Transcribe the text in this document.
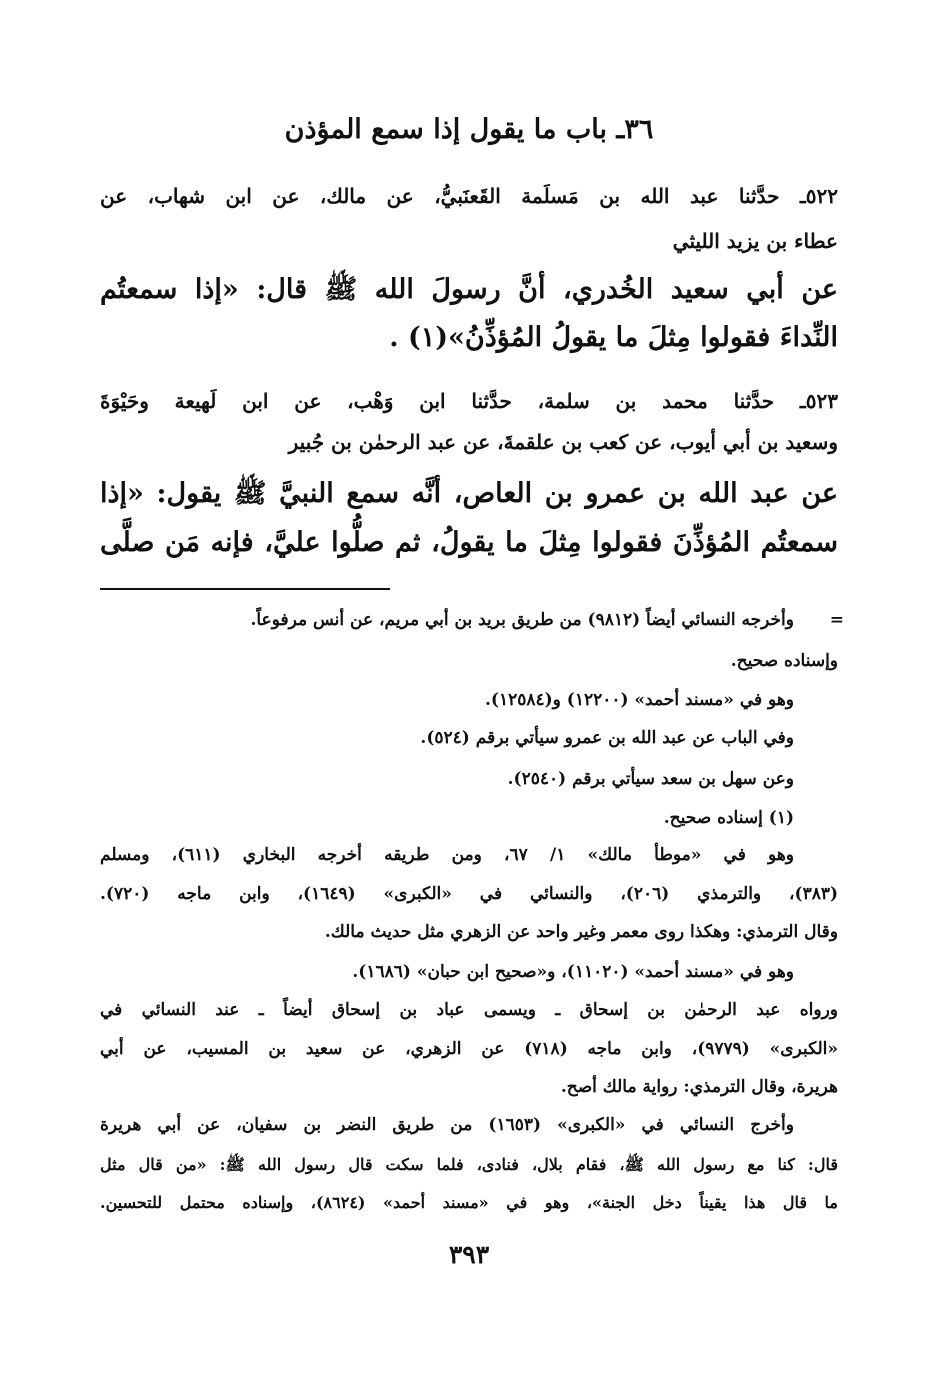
٣٦ـ باب ما يقول إذا سمع المؤذن
٥٢٢ـ حدَّثنا عبد الله بن مَسلَمة القَعنَبيُّ، عن مالك، عن ابن شهاب، عن
عطاء بن يزيد الليثي
عن أبي سعيد الخُدري، أنَّ رسولَ الله ﷺ قال: «إذا سمعتُم
النِّداءَ فقولوا مِثلَ ما يقولُ المُؤذِّنُ»(١) .
٥٢٣ـ حدَّثنا محمد بن سلمة، حدَّثنا ابن وَهْب، عن ابن لَهيعة وحَيْوَةَ
وسعيد بن أبي أيوب، عن كعب بن علقمةَ، عن عبد الرحمٰن بن جُبير
عن عبد الله بن عمرو بن العاص، أنَّه سمع النبيَّ ﷺ يقول: «إذا
سمعتُم المُؤذِّنَ فقولوا مِثلَ ما يقولُ، ثم صلُّوا عليَّ، فإنه مَن صلَّى
=
وأخرجه النسائي أيضاً (٩٨١٢) من طريق بريد بن أبي مريم، عن أنس مرفوعاً.
وإسناده صحيح.
وهو في «مسند أحمد» (١٢٢٠٠) و(١٢٥٨٤).
وفي الباب عن عبد الله بن عمرو سيأتي برقم (٥٢٤).
وعن سهل بن سعد سيأتي برقم (٢٥٤٠).
(١) إسناده صحيح.
وهو في «موطأ مالك» ١/ ٦٧، ومن طريقه أخرجه البخاري (٦١١)، ومسلم
(٣٨٣)، والترمذي (٢٠٦)، والنسائي في «الكبرى» (١٦٤٩)، وابن ماجه (٧٢٠).
وقال الترمذي: وهكذا روى معمر وغير واحد عن الزهري مثل حديث مالك.
وهو في «مسند أحمد» (١١٠٢٠)، و«صحيح ابن حبان» (١٦٨٦).
ورواه عبد الرحمٰن بن إسحاق ـ ويسمى عباد بن إسحاق أيضاً ـ عند النسائي في
«الكبرى» (٩٧٧٩)، وابن ماجه (٧١٨) عن الزهري، عن سعيد بن المسيب، عن أبي
هريرة، وقال الترمذي: رواية مالك أصح.
وأخرج النسائي في «الكبرى» (١٦٥٣) من طريق النضر بن سفيان، عن أبي هريرة
قال: كنا مع رسول الله ﷺ، فقام بلال، فنادى، فلما سكت قال رسول الله ﷺ: «من قال مثل
ما قال هذا يقيناً دخل الجنة»، وهو في «مسند أحمد» (٨٦٢٤)، وإسناده محتمل للتحسين.
٣٩٣
